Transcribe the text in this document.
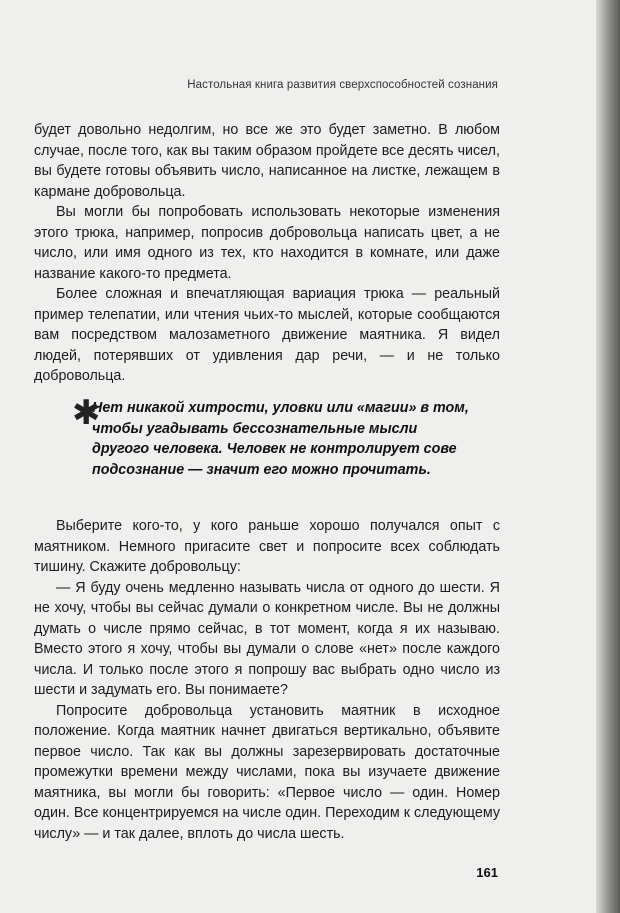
Настольная книга развития сверхспособностей сознания

будет довольно недолгим, но все же это будет заметно. В любом случае, после того, как вы таким образом пройдете все десять чисел, вы будете готовы объявить число, написанное на листке, лежащем в кармане добровольца.

Вы могли бы попробовать использовать некоторые изменения этого трюка, например, попросив добровольца написать цвет, а не число, или имя одного из тех, кто находится в комнате, или даже название какого-то предмета.

Более сложная и впечатляющая вариация трюка — реальный пример телепатии, или чтения чьих-то мыслей, которые сообщаются вам посредством малозаметного движение маятника. Я видел людей, потерявших от удивления дар речи, — и не только добровольца.

✱
Нет никакой хитрости, уловки или «магии» в том, чтобы угадывать бессознательные мысли другого человека. Человек не контролирует сове подсознание — значит его можно прочитать.

Выберите кого-то, у кого раньше хорошо получался опыт с маятником. Немного пригасите свет и попросите всех соблюдать тишину. Скажите добровольцу:

— Я буду очень медленно называть числа от одного до шести. Я не хочу, чтобы вы сейчас думали о конкретном числе. Вы не должны думать о числе прямо сейчас, в тот момент, когда я их называю. Вместо этого я хочу, чтобы вы думали о слове «нет» после каждого числа. И только после этого я попрошу вас выбрать одно число из шести и задумать его. Вы понимаете?

Попросите добровольца установить маятник в исходное положение. Когда маятник начнет двигаться вертикально, объявите первое число. Так как вы должны зарезервировать достаточные промежутки времени между числами, пока вы изучаете движение маятника, вы могли бы говорить: «Первое число — один. Номер один. Все концентрируемся на числе один. Переходим к следующему числу» — и так далее, вплоть до числа шесть.

161
